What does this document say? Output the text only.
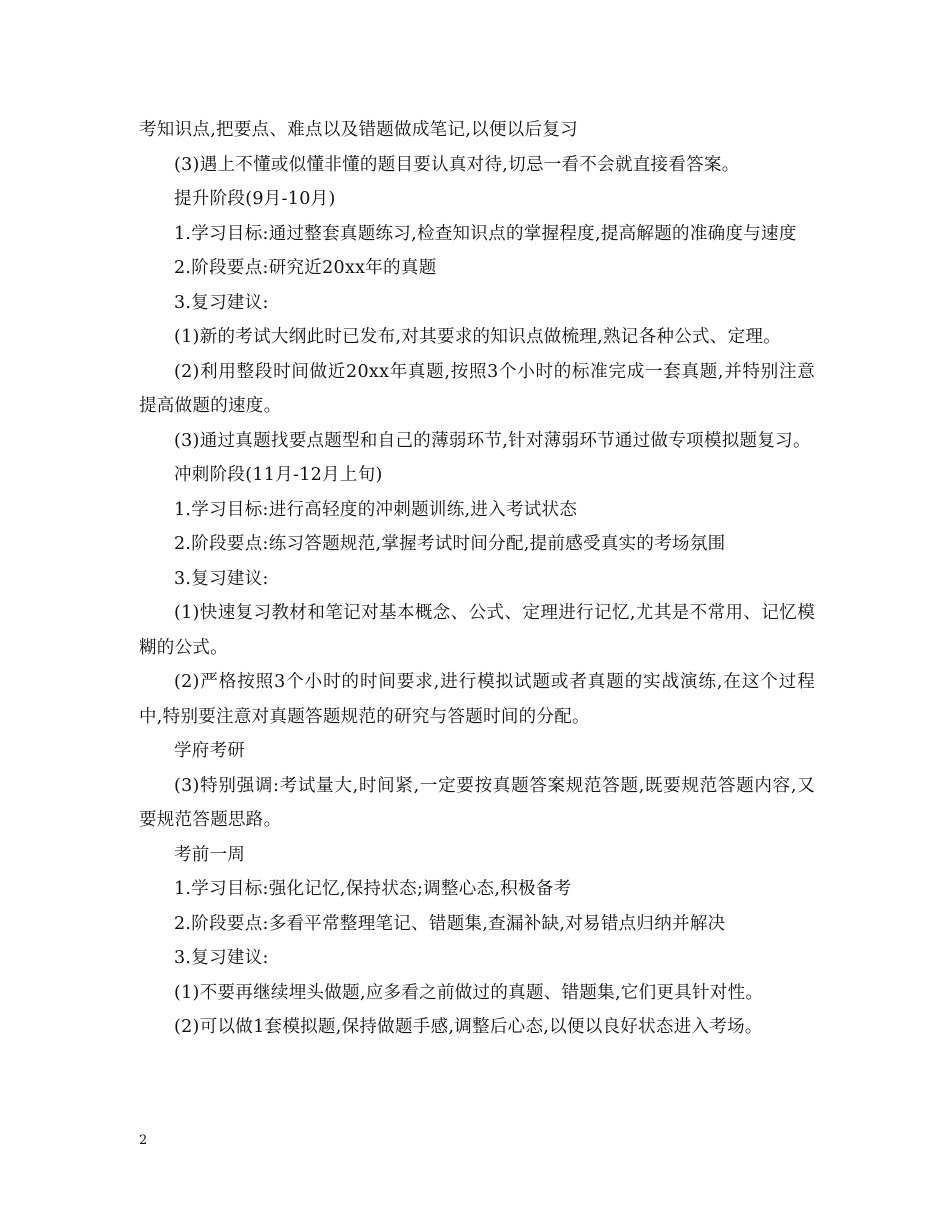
考知识点,把要点、难点以及错题做成笔记,以便以后复习

(3)遇上不懂或似懂非懂的题目要认真对待,切忌一看不会就直接看答案。

提升阶段(9月-10月)

1.学习目标:通过整套真题练习,检查知识点的掌握程度,提高解题的准确度与速度

2.阶段要点:研究近20xx年的真题

3.复习建议:

(1)新的考试大纲此时已发布,对其要求的知识点做梳理,熟记各种公式、定理。

(2)利用整段时间做近20xx年真题,按照3个小时的标准完成一套真题,并特别注意提高做题的速度。

(3)通过真题找要点题型和自己的薄弱环节,针对薄弱环节通过做专项模拟题复习。

冲刺阶段(11月-12月上旬)

1.学习目标:进行高轻度的冲刺题训练,进入考试状态

2.阶段要点:练习答题规范,掌握考试时间分配,提前感受真实的考场氛围

3.复习建议:

(1)快速复习教材和笔记对基本概念、公式、定理进行记忆,尤其是不常用、记忆模糊的公式。

(2)严格按照3个小时的时间要求,进行模拟试题或者真题的实战演练,在这个过程中,特别要注意对真题答题规范的研究与答题时间的分配。

学府考研

(3)特别强调:考试量大,时间紧,一定要按真题答案规范答题,既要规范答题内容,又要规范答题思路。

考前一周

1.学习目标:强化记忆,保持状态;调整心态,积极备考

2.阶段要点:多看平常整理笔记、错题集,查漏补缺,对易错点归纳并解决

3.复习建议:

(1)不要再继续埋头做题,应多看之前做过的真题、错题集,它们更具针对性。

(2)可以做1套模拟题,保持做题手感,调整后心态,以便以良好状态进入考场。

2
